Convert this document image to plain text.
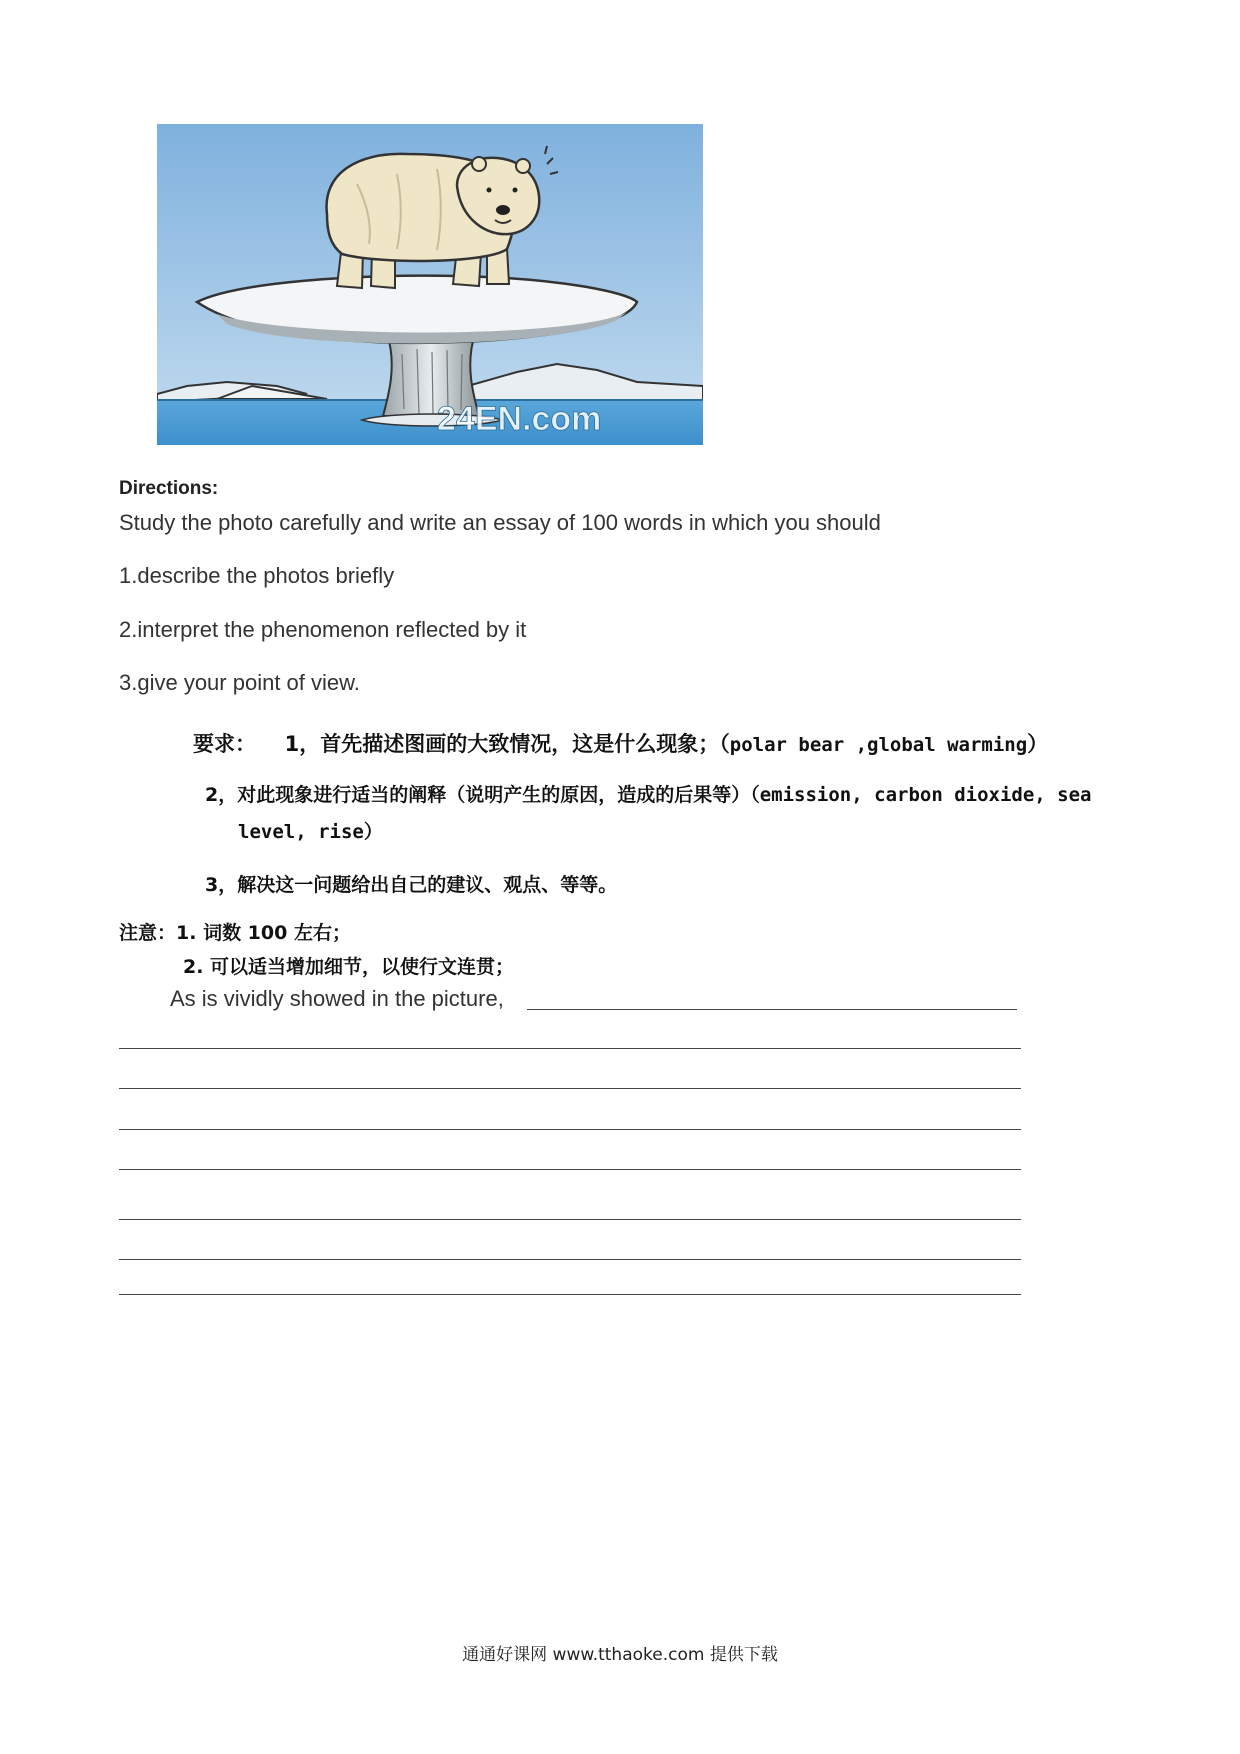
24EN.com
Directions:
Study the photo carefully and write an essay of 100 words in which you should
1.describe the photos briefly
2.interpret the phenomenon reflected by it
3.give your point of view.
要求： 1，首先描述图画的大致情况，这是什么现象；（polar bear ,global warming）
2，对此现象进行适当的阐释（说明产生的原因，造成的后果等）（emission, carbon dioxide, sea
level, rise）
3，解决这一问题给出自己的建议、观点、等等。
注意：1. 词数 100 左右；
2. 可以适当增加细节，以使行文连贯；
As is vividly showed in the picture,
通通好课网 www.tthaoke.com 提供下载
